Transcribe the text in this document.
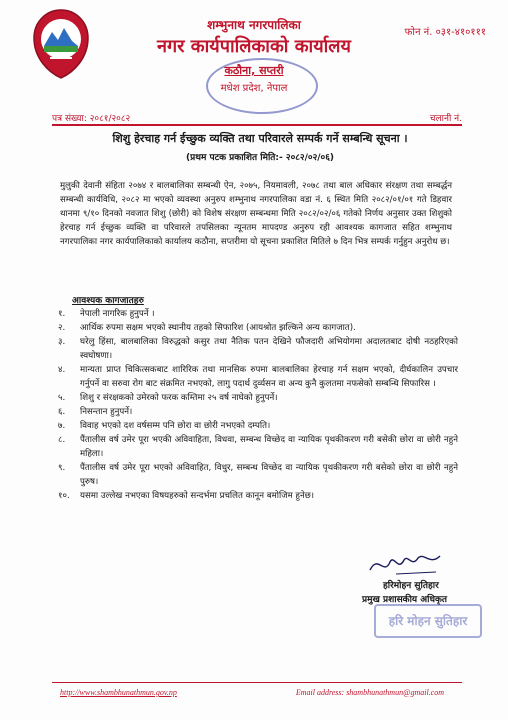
शम्भुनाथ नगरपालिका
फोन नं. ०३१-४१०१११
नगर कार्यपालिकाको कार्यालय
कठौना, सप्तरी
मधेश प्रदेश, नेपाल
पत्र संख्या: २०८१/२०८२	चलानी नं.
शिशु हेरचाह गर्न ईच्छुक व्यक्ति तथा परिवारले सम्पर्क गर्ने सम्बन्धि सूचना ।
(प्रथम पटक प्रकाशित मिति:- २०८२/०२/०६)
मुलुकी देवानी संहिता २०७४ र बालबालिका सम्बन्धी ऐन, २०७५, नियमावली, २०७८ तथा बाल अधिकार संरक्षण तथा सम्बर्द्धन सम्बन्धी कार्यविधि, २०८२ मा भएको व्यवस्था अनुरुप शम्भुनाथ नगरपालिका वडा नं. ६ स्थित मिति २०८२/०१/०१ गते डिहवार थानमा ९/१० दिनको नवजात शिशु (छोरी) को विशेष संरक्षण सम्बन्धमा मिति २०८२/०२/०६ गतेको निर्णय अनुसार उक्त शिशुको हेरचाह गर्न ईच्छुक व्यक्ति वा परिवारले तपसिलका न्यूनतम मापदण्ड अनुरुप रही आवश्यक कागजात सहित शम्भुनाथ नगरपालिका नगर कार्यपालिकाको कार्यालय कठौना, सप्तरीमा यो सूचना प्रकाशित मितिले ७ दिन भित्र सम्पर्क गर्नुहुन अनुरोध छ।
आवश्यक कागजातहरु
१. नेपाली नागरिक हुनुपर्ने ।
२. आर्थिक रुपमा सक्षम भएको स्थानीय तहको सिफारिश (आयश्रोत झल्किने अन्य कागजात).
३. घरेलु हिंसा, बालबालिका विरुद्धको कसुर तथा नैतिक पतन देखिने फौजदारी अभियोगमा अदालतबाट दोषी नठहरिएको स्वघोषणा।
४. मान्यता प्राप्त चिकित्सकबाट शारिरिक तथा मानसिक रुपमा बालबालिका हेरचाह गर्न सक्षम भएको, दीर्घकालिन उपचार गर्नुपर्ने वा सरुवा रोग बाट संक्रमित नभएको, लागु पदार्थ दुर्व्यसन वा अन्य कुनै कुलतमा नफसेको सम्बन्धि सिफारिस ।
५. शिशु र संरक्षकको उमेरको फरक कम्तिमा २५ वर्ष नाघेको हुनुपर्ने।
६. निसन्तान हुनुपर्ने।
७. विवाह भएको दश वर्षसम्म पनि छोरा वा छोरी नभएको दम्पति।
८. पैंतालीस वर्ष उमेर पूरा भएकी अविवाहिता, विधवा, सम्बन्ध विच्छेद वा न्यायिक पृथकीकरण गरी बसेकी छोरा वा छोरी नहुने महिला।
९. पैंतालीस वर्ष उमेर पूरा भएको अविवाहित, विधुर, सम्बन्ध विच्छेद वा न्यायिक पृथकीकरण गरी बसेको छोरा वा छोरी नहुने पुरुष।
१०. यसमा उल्लेख नभएका विषयहरुको सन्दर्भमा प्रचलित कानून बमोजिम हुनेछ।
हरिमोहन सुतिहार
प्रमुख प्रशासकीय अधिकृत
हरि मोहन सुतिहार
http://www.shambhunathmun.gov.np	Email address: shambhunathmun@gmail.com
